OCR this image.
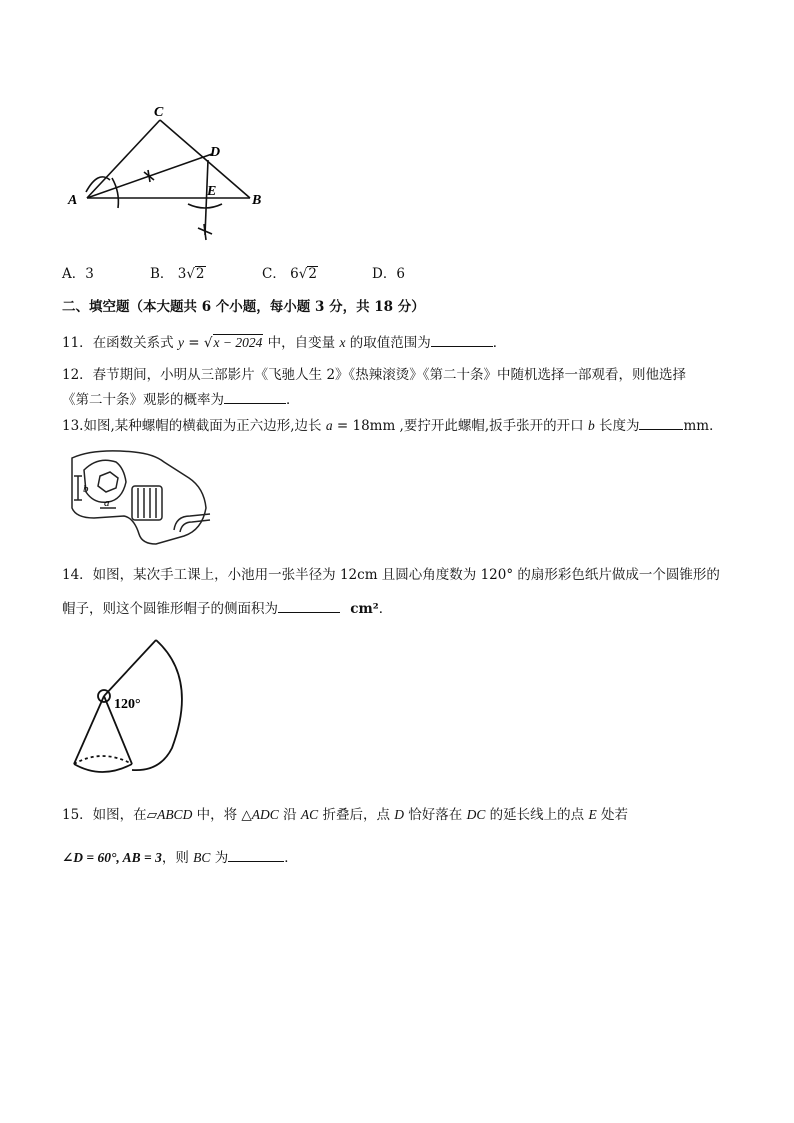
C
D
A
E
B
A．3	B． 3√2	C． 6√2	D．6
二、填空题（本大题共 6 个小题，每小题 3 分，共 18 分）
11．在函数关系式 y = √x − 2024 中，自变量 x 的取值范围为	．
12．春节期间，小明从三部影片《飞驰人生 2》《热辣滚烫》《第二十条》中随机选择一部观看，则他选择
《第二十条》观影的概率为	．
13.如图,某种螺帽的横截面为正六边形,边长 a = 18mm ,要拧开此螺帽,扳手张开的开口 b 长度为	mm．
b
a
14．如图，某次手工课上，小池用一张半径为 12cm 且圆心角度数为 120° 的扇形彩色纸片做成一个圆锥形的
帽子，则这个圆锥形帽子的侧面积为	cm²．
120°
15．如图，在▱ABCD 中，将 △ADC 沿 AC 折叠后，点 D 恰好落在 DC 的延长线上的点 E 处若
∠D = 60°, AB = 3，则 BC 为	．
